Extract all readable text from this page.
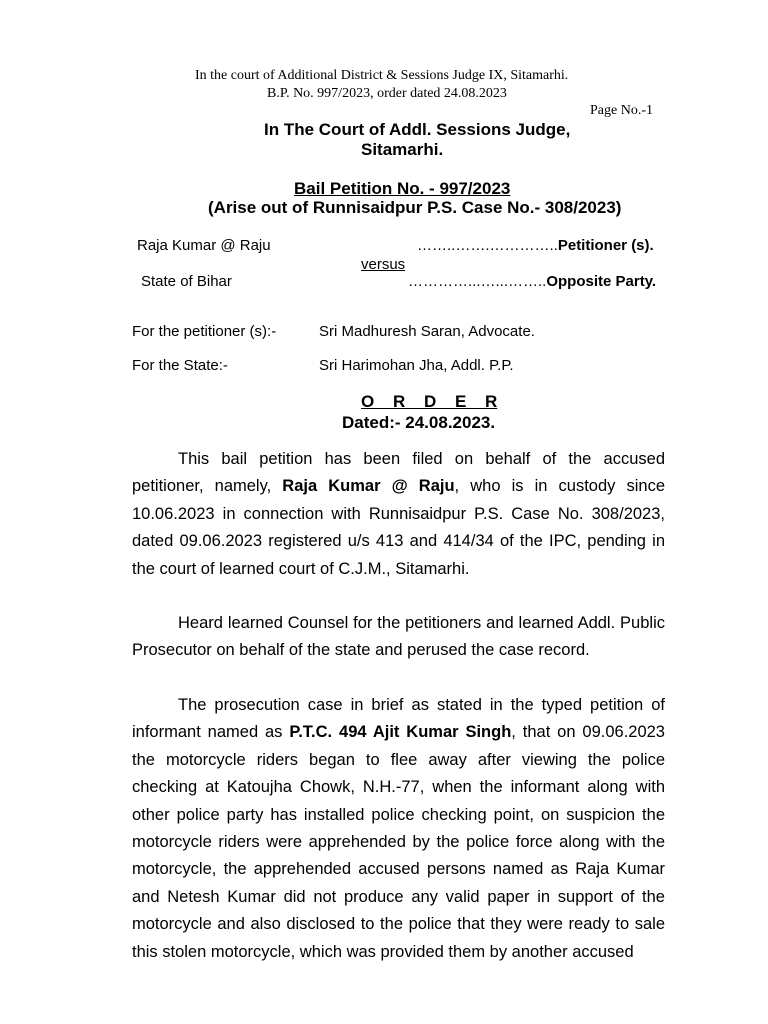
In the court of Additional District & Sessions Judge IX, Sitamarhi.
B.P. No. 997/2023, order dated 24.08.2023
Page No.-1
In The Court of Addl. Sessions Judge,
Sitamarhi.
Bail Petition No. - 997/2023
(Arise out of Runnisaidpur P.S. Case No.- 308/2023)
Raja Kumar @ Raju	……..…….…………..Petitioner (s).
versus
State of Bihar	…………...…...……..Opposite Party.
For the petitioner (s):-	Sri Madhuresh Saran, Advocate.
For the State:-	Sri Harimohan Jha, Addl. P.P.
O R D E R
Dated:- 24.08.2023.

This bail petition has been filed on behalf of the accused petitioner, namely, Raja Kumar @ Raju, who is in custody since 10.06.2023 in connection with Runnisaidpur P.S. Case No. 308/2023, dated 09.06.2023 registered u/s 413 and 414/34 of the IPC, pending in the court of learned court of C.J.M., Sitamarhi.

Heard learned Counsel for the petitioners and learned Addl. Public Prosecutor on behalf of the state and perused the case record.

The prosecution case in brief as stated in the typed petition of informant named as P.T.C. 494 Ajit Kumar Singh, that on 09.06.2023 the motorcycle riders began to flee away after viewing the police checking at Katoujha Chowk, N.H.-77, when the informant along with other police party has installed police checking point, on suspicion the motorcycle riders were apprehended by the police force along with the motorcycle, the apprehended accused persons named as Raja Kumar and Netesh Kumar did not produce any valid paper in support of the motorcycle and also disclosed to the police that they were ready to sale this stolen motorcycle, which was provided them by another accused
